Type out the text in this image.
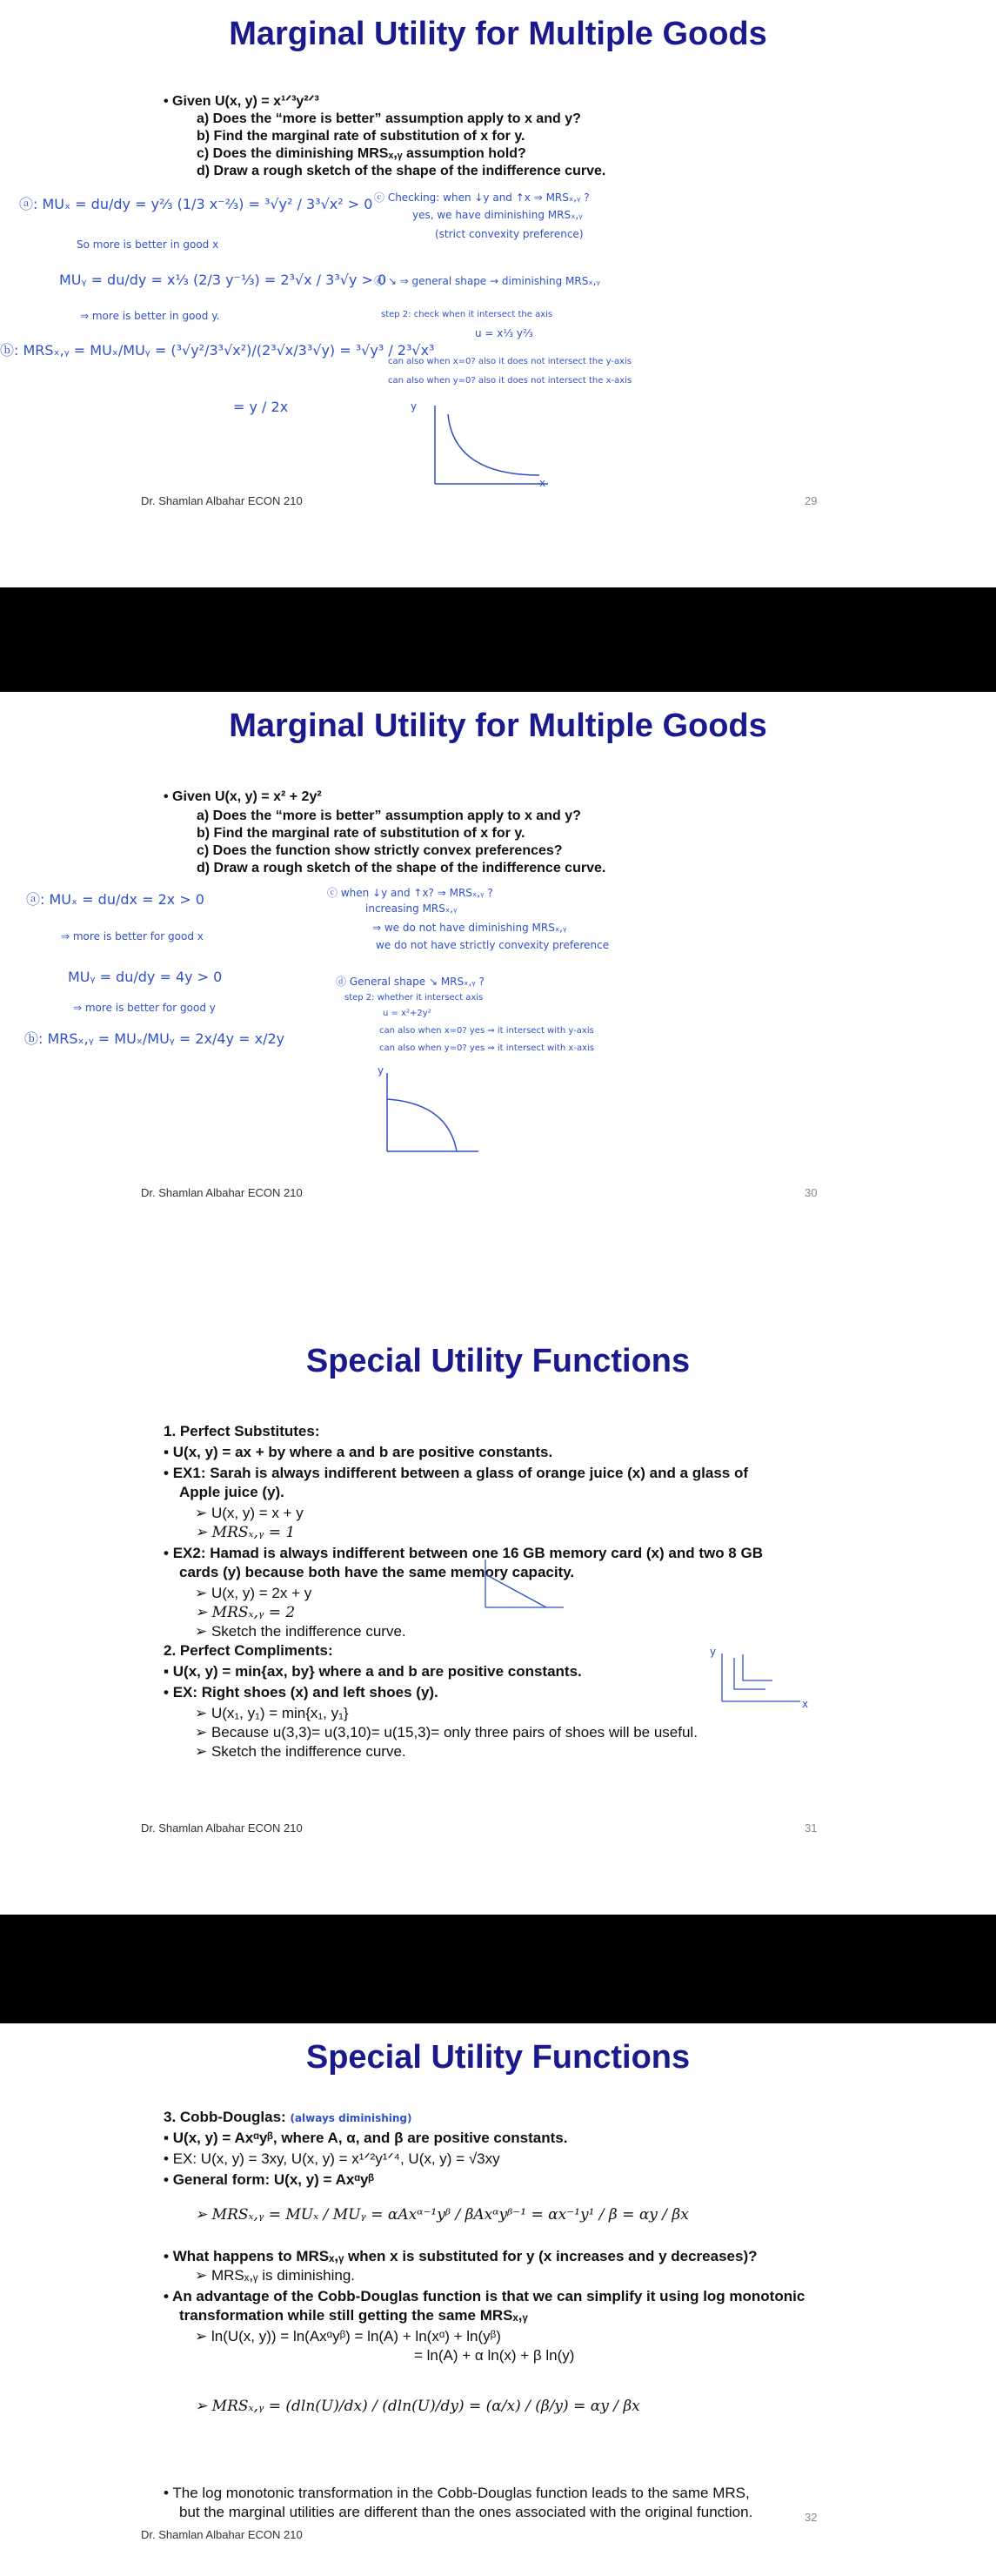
Marginal Utility for Multiple Goods
• Given U(x, y) = x¹ᐟ³y²ᐟ³
a) Does the “more is better” assumption apply to x and y?
b) Find the marginal rate of substitution of x for y.
c) Does the diminishing MRSₓ,ᵧ assumption hold?
d) Draw a rough sketch of the shape of the indifference curve.
ⓐ: MUₓ = du/dy = y⅔ (1/3 x⁻⅔) = ³√y² / 3³√x² > 0
So more is better in good x
MUᵧ = du/dy = x⅓ (2/3 y⁻⅓) = 2³√x / 3³√y > 0
⇒ more is better in good y.
ⓑ: MRSₓ,ᵧ = MUₓ/MUᵧ = (³√y²/3³√x²)/(2³√x/3³√y) = ³√y³ / 2³√x³
= y / 2x
ⓒ Checking: when ↓y and ↑x ⇒ MRSₓ,ᵧ ?
yes, we have diminishing MRSₓ,ᵧ
(strict convexity preference)
ⓓ ↘ ⇒ general shape → diminishing MRSₓ,ᵧ
step 2: check when it intersect the axis
u = x⅓ y⅔
can also when x=0? also it does not intersect the y-axis
can also when y=0? also it does not intersect the x-axis
y
x
Dr. Shamlan Albahar ECON 210	29
Marginal Utility for Multiple Goods
• Given U(x, y) = x² + 2y²
a) Does the “more is better” assumption apply to x and y?
b) Find the marginal rate of substitution of x for y.
c) Does the function show strictly convex preferences?
d) Draw a rough sketch of the shape of the indifference curve.
ⓐ: MUₓ = du/dx = 2x > 0
⇒ more is better for good x
MUᵧ = du/dy = 4y > 0
⇒ more is better for good y
ⓑ: MRSₓ,ᵧ = MUₓ/MUᵧ = 2x/4y = x/2y
ⓒ when ↓y and ↑x? ⇒ MRSₓ,ᵧ ?
increasing MRSₓ,ᵧ
⇒ we do not have diminishing MRSₓ,ᵧ
we do not have strictly convexity preference
ⓓ General shape ↘ MRSₓ,ᵧ ?
step 2: whether it intersect axis
u = x²+2y²
can also when x=0? yes ⇒ it intersect with y-axis
can also when y=0? yes ⇒ it intersect with x-axis
y
Dr. Shamlan Albahar ECON 210	30
Special Utility Functions
1. Perfect Substitutes:
▪ U(x, y) = ax + by where a and b are positive constants.
• EX1: Sarah is always indifferent between a glass of orange juice (x) and a glass of
Apple juice (y).
➢ U(x, y) = x + y
➢ MRSₓ,ᵧ = 1
• EX2: Hamad is always indifferent between one 16 GB memory card (x) and two 8 GB
cards (y) because both have the same memory capacity.
➢ U(x, y) = 2x + y
➢ MRSₓ,ᵧ = 2
➢ Sketch the indifference curve.
2. Perfect Compliments:
▪ U(x, y) = min{ax, by} where a and b are positive constants.
• EX: Right shoes (x) and left shoes (y).
➢ U(x₁, y₁) = min{x₁, y₁}
➢ Because u(3,3)= u(3,10)= u(15,3)= only three pairs of shoes will be useful.
➢ Sketch the indifference curve.
y
x
Dr. Shamlan Albahar ECON 210	31
Special Utility Functions
3. Cobb-Douglas: (always diminishing)
▪ U(x, y) = Axᵅyᵝ, where A, α, and β are positive constants.
• EX: U(x, y) = 3xy, U(x, y) = x¹ᐟ²y¹ᐟ⁴, U(x, y) = √3xy
• General form: U(x, y) = Axᵅyᵝ
➢ MRSₓ,ᵧ = MUₓ / MUᵧ = αAxᵅ⁻¹yᵝ / βAxᵅyᵝ⁻¹ = αx⁻¹y¹ / β = αy / βx
• What happens to MRSₓ,ᵧ when x is substituted for y (x increases and y decreases)?
➢ MRSₓ,ᵧ is diminishing.
• An advantage of the Cobb-Douglas function is that we can simplify it using log monotonic
transformation while still getting the same MRSₓ,ᵧ
➢ ln(U(x, y)) = ln(Axᵅyᵝ) = ln(A) + ln(xᵅ) + ln(yᵝ)
= ln(A) + α ln(x) + β ln(y)
➢ MRSₓ,ᵧ = (dln(U)/dx) / (dln(U)/dy) = (α/x) / (β/y) = αy / βx
• The log monotonic transformation in the Cobb-Douglas function leads to the same MRS,
but the marginal utilities are different than the ones associated with the original function.
Dr. Shamlan Albahar ECON 210
32
